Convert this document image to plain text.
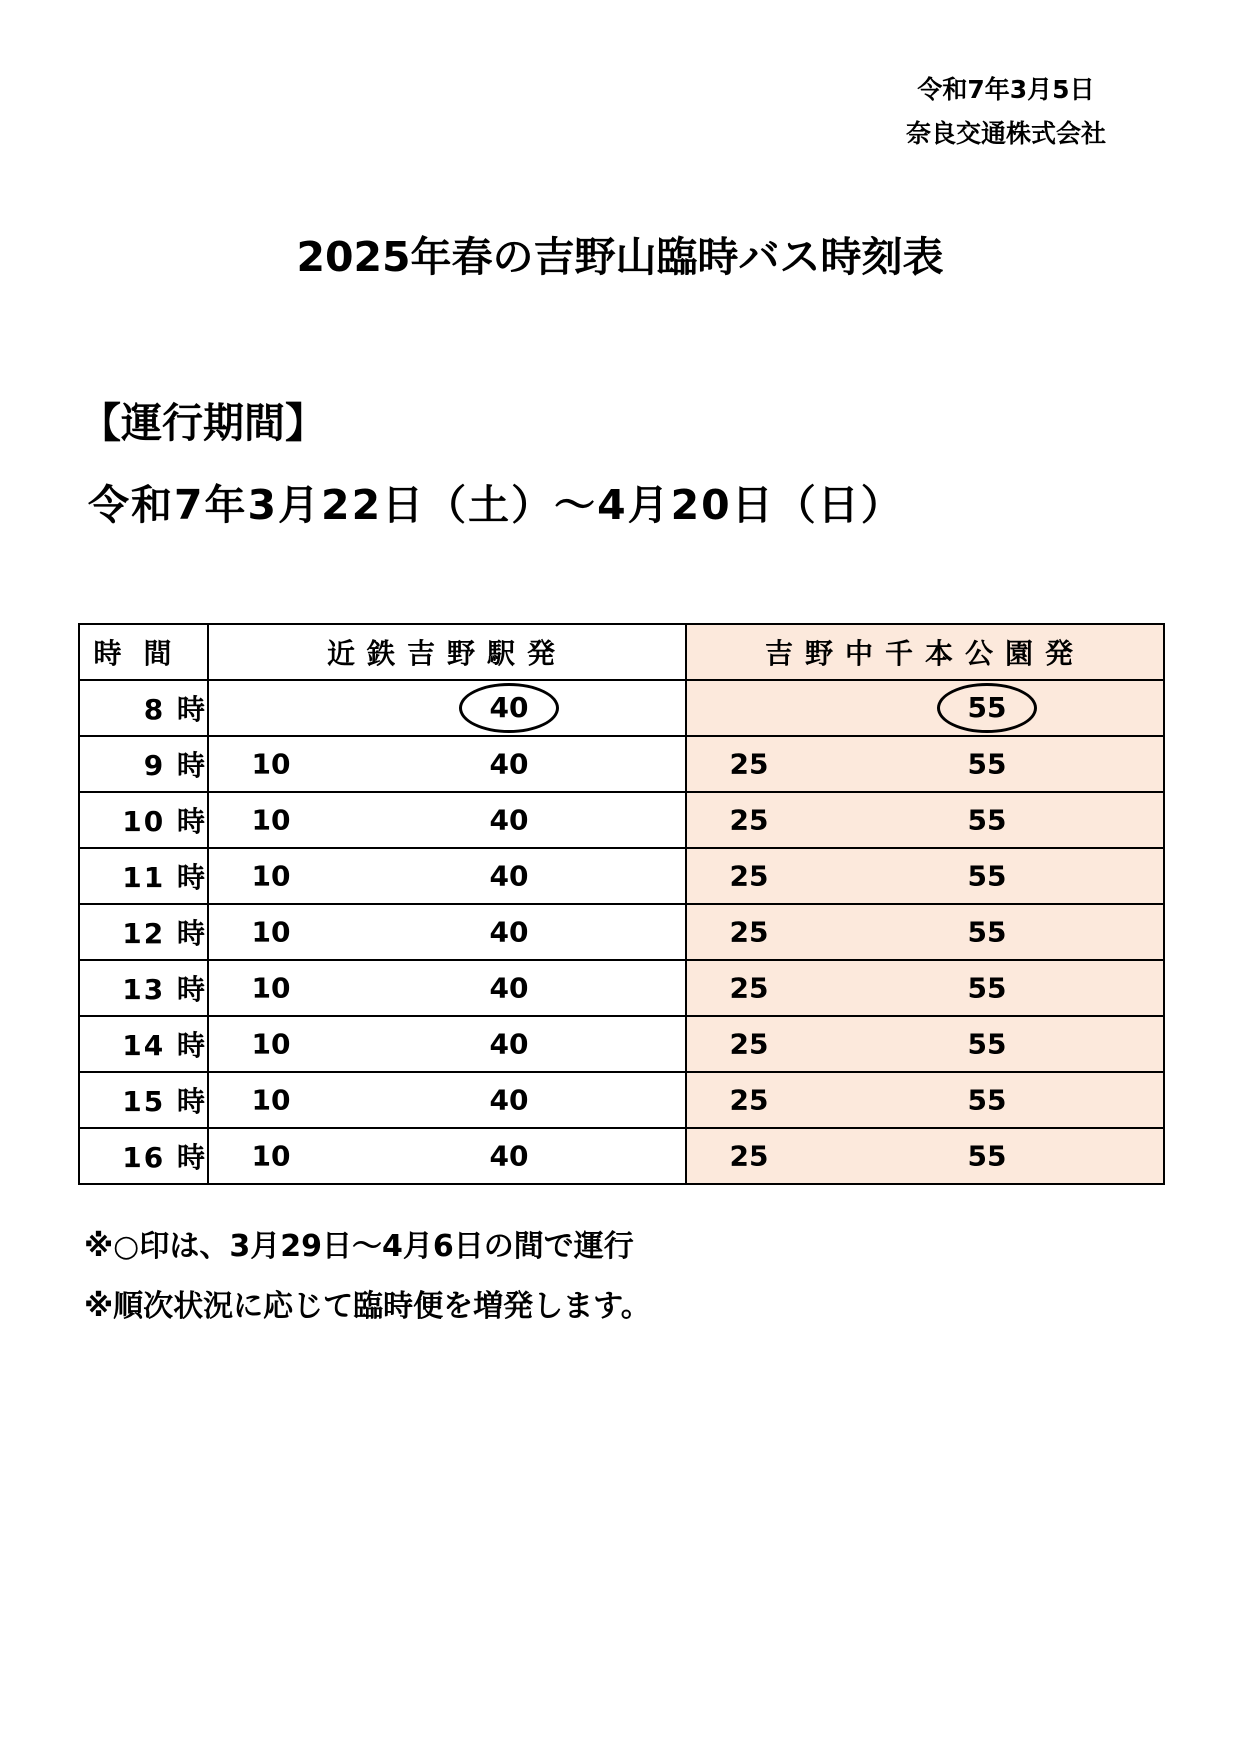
令和7年3月5日
奈良交通株式会社
2025年春の吉野山臨時バス時刻表
【運行期間】
令和7年3月22日（土）～4月20日（日）
時間	近鉄吉野駅発	吉野中千本公園発
8 時	40	55

9 時	10 40	25 55

10 時	10 40	25 55

11 時	10 40	25 55

12 時	10 40	25 55

13 時	10 40	25 55

14 時	10 40	25 55

15 時	10 40	25 55

16 時	10 40	25 55
※○印は、3月29日～4月6日の間で運行
※順次状況に応じて臨時便を増発します。
